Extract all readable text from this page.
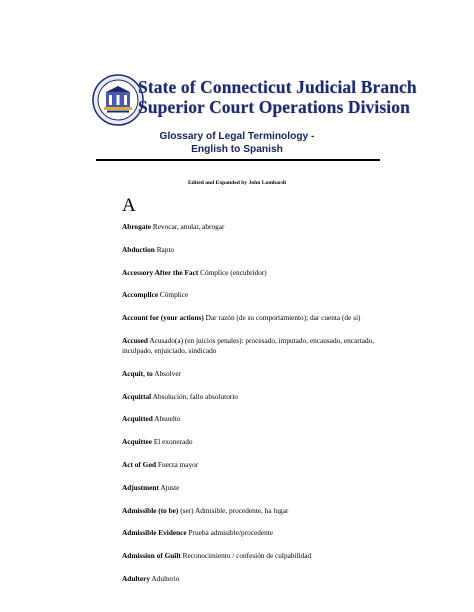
State of Connecticut Judicial Branch
Superior Court Operations Division
Glossary of Legal Terminology -
English to Spanish
Edited and Expanded by John Lombardi
A
Abrogate Revocar, anular, abrogar
Abduction Rapto
Accessory After the Fact Cómplice (encubridor)
Accomplice Cómplice
Account for (your actions) Dar razón (de su comportamiento); dar cuenta (de sí)
Accused Acusado(a) (en juicios penales): procesado, imputado, encausado, encartado, inculpado, enjuiciado, sindicado
Acquit, to Absolver
Acquittal Absolución, fallo absolutorio
Acquitted Absuelto
Acquittee El exonerado
Act of God Fuerza mayor
Adjustment Ajuste
Admissible (to be) (ser) Admisible, procedente, ha lugar
Admissible Evidence Prueba admisible/procedente
Admission of Guilt Reconocimiento / confesión de culpabilidad
Adultery Adulterio
